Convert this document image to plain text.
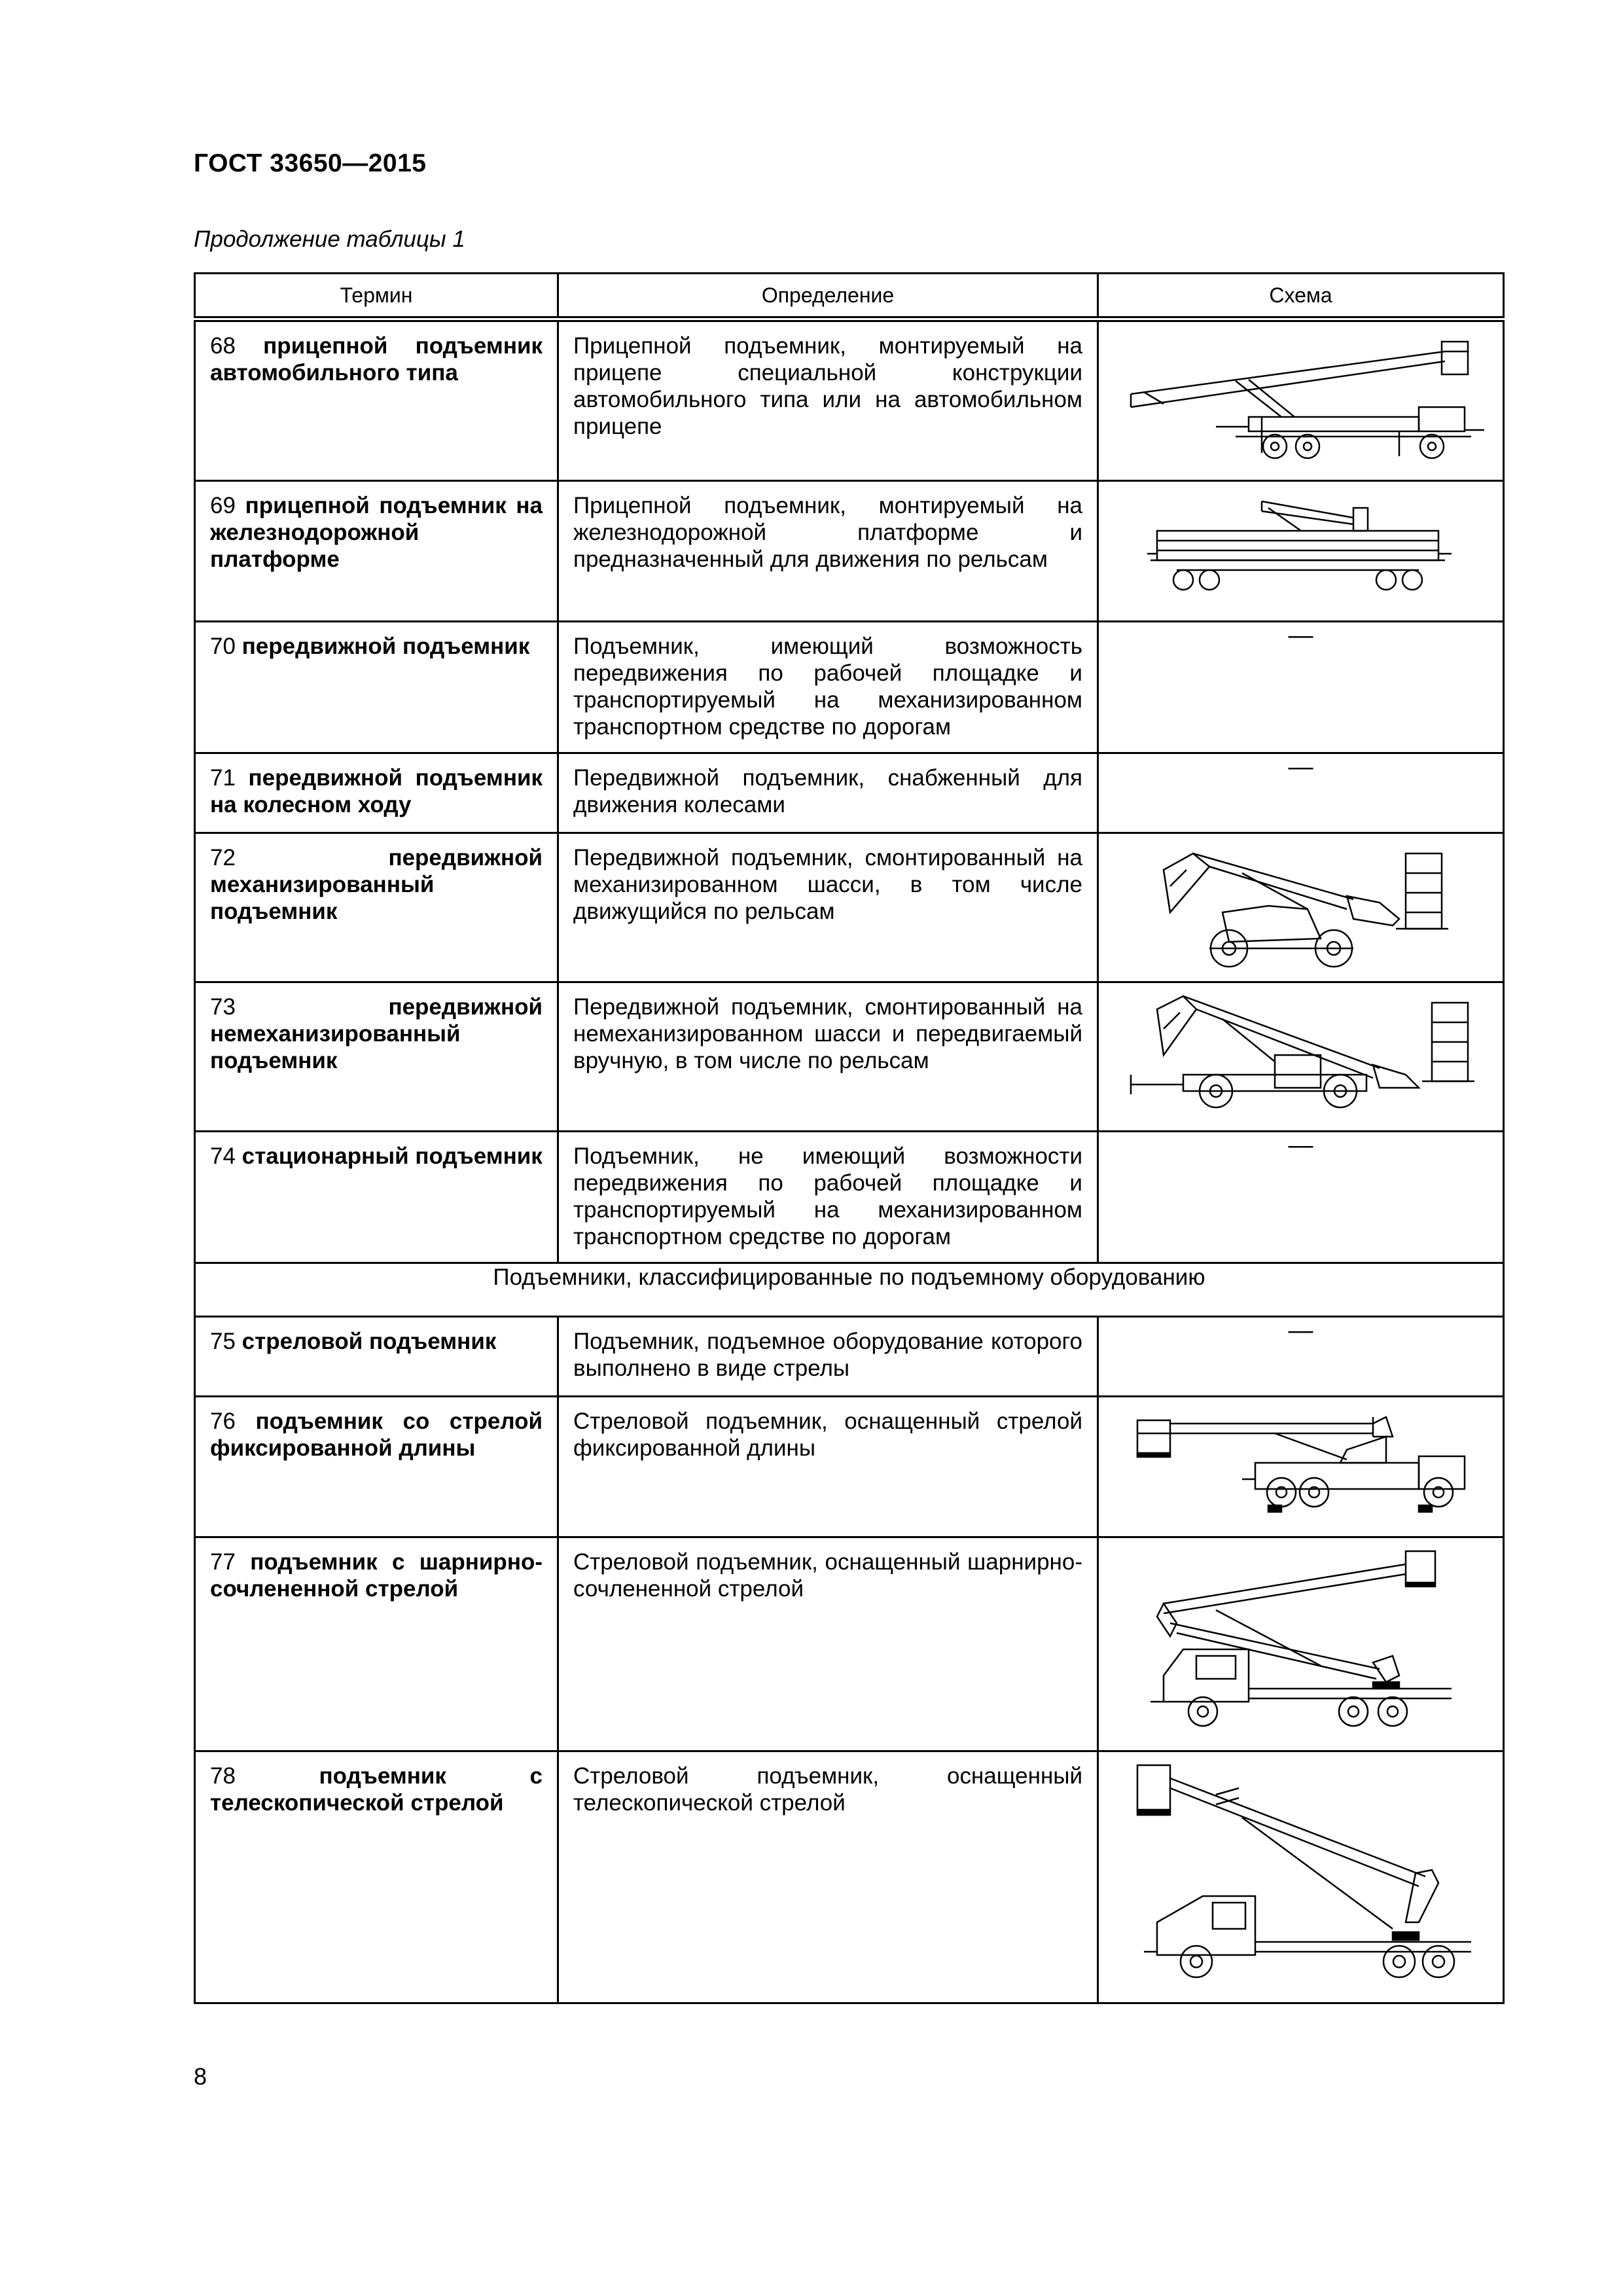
ГОСТ 33650—2015
Продолжение таблицы 1
Термин	Определение	Схема
68 прицепной подъемник автомобильного типа	Прицепной подъемник, монтируемый на прицепе специальной конструкции автомобильного типа или на автомобильном прицепе	

69 прицепной подъемник на железнодорожной платформе	Прицепной подъемник, монтируемый на железнодорожной платформе и предназначенный для движения по рельсам	

70 передвижной подъемник	Подъемник, имеющий возможность передвижения по рабочей площадке и транспортируемый на механизированном транспортном средстве по дорогам	—
71 передвижной подъемник на колесном ходу	Передвижной подъемник, снабженный для движения колесами	—
72 передвижной механизированный подъемник	Передвижной подъемник, смонтированный на механизированном шасси, в том числе движущийся по рельсам	

73 передвижной немеханизированный подъемник	Передвижной подъемник, смонтированный на немеханизированном шасси и передвигаемый вручную, в том числе по рельсам	

74 стационарный подъемник	Подъемник, не имеющий возможности передвижения по рабочей площадке и транспортируемый на механизированном транспортном средстве по дорогам	—
Подъемники, классифицированные по подъемному оборудованию		
75 стреловой подъемник	Подъемник, подъемное оборудование которого выполнено в виде стрелы	—
76 подъемник со стрелой фиксированной длины	Стреловой подъемник, оснащенный стрелой фиксированной длины	

77 подъемник с шарнирно-сочлененной стрелой	Стреловой подъемник, оснащенный шарнирно-сочлененной стрелой	

78 подъемник с телескопической стрелой	Стреловой подъемник, оснащенный телескопической стрелой	
8
